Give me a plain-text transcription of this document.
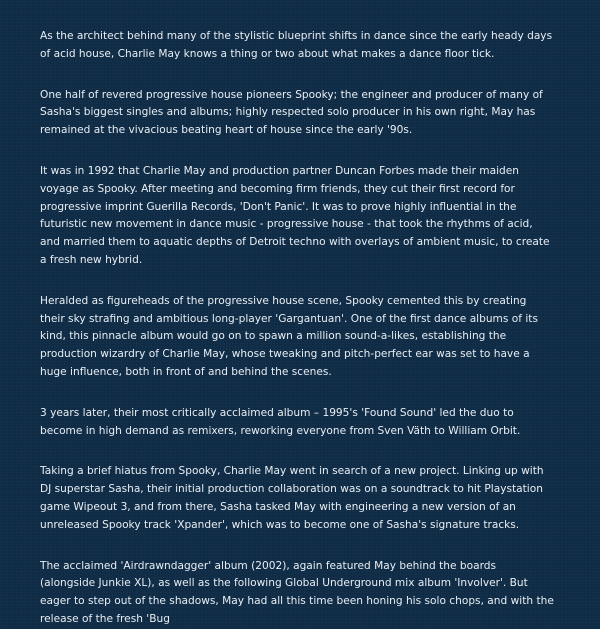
As the architect behind many of the stylistic blueprint shifts in dance since the early heady days of acid house, Charlie May knows a thing or two about what makes a dance floor tick.

One half of revered progressive house pioneers Spooky; the engineer and producer of many of Sasha's biggest singles and albums; highly respected solo producer in his own right, May has remained at the vivacious beating heart of house since the early '90s.

It was in 1992 that Charlie May and production partner Duncan Forbes made their maiden voyage as Spooky. After meeting and becoming firm friends, they cut their first record for progressive imprint Guerilla Records, 'Don't Panic'. It was to prove highly influential in the futuristic new movement in dance music - progressive house - that took the rhythms of acid, and married them to aquatic depths of Detroit techno with overlays of ambient music, to create a fresh new hybrid.

Heralded as figureheads of the progressive house scene, Spooky cemented this by creating their sky strafing and ambitious long-player 'Gargantuan'. One of the first dance albums of its kind, this pinnacle album would go on to spawn a million sound-a-likes, establishing the production wizardry of Charlie May, whose tweaking and pitch-perfect ear was set to have a huge influence, both in front of and behind the scenes.

3 years later, their most critically acclaimed album – 1995's 'Found Sound' led the duo to become in high demand as remixers, reworking everyone from Sven Väth to William Orbit.

Taking a brief hiatus from Spooky, Charlie May went in search of a new project. Linking up with DJ superstar Sasha, their initial production collaboration was on a soundtrack to hit Playstation game Wipeout 3, and from there, Sasha tasked May with engineering a new version of an unreleased Spooky track 'Xpander', which was to become one of Sasha's signature tracks.

The acclaimed 'Airdrawndagger' album (2002), again featured May behind the boards (alongside Junkie XL), as well as the following Global Underground mix album 'Involver'. But eager to step out of the shadows, May had all this time been honing his solo chops, and with the release of the fresh 'Bug
